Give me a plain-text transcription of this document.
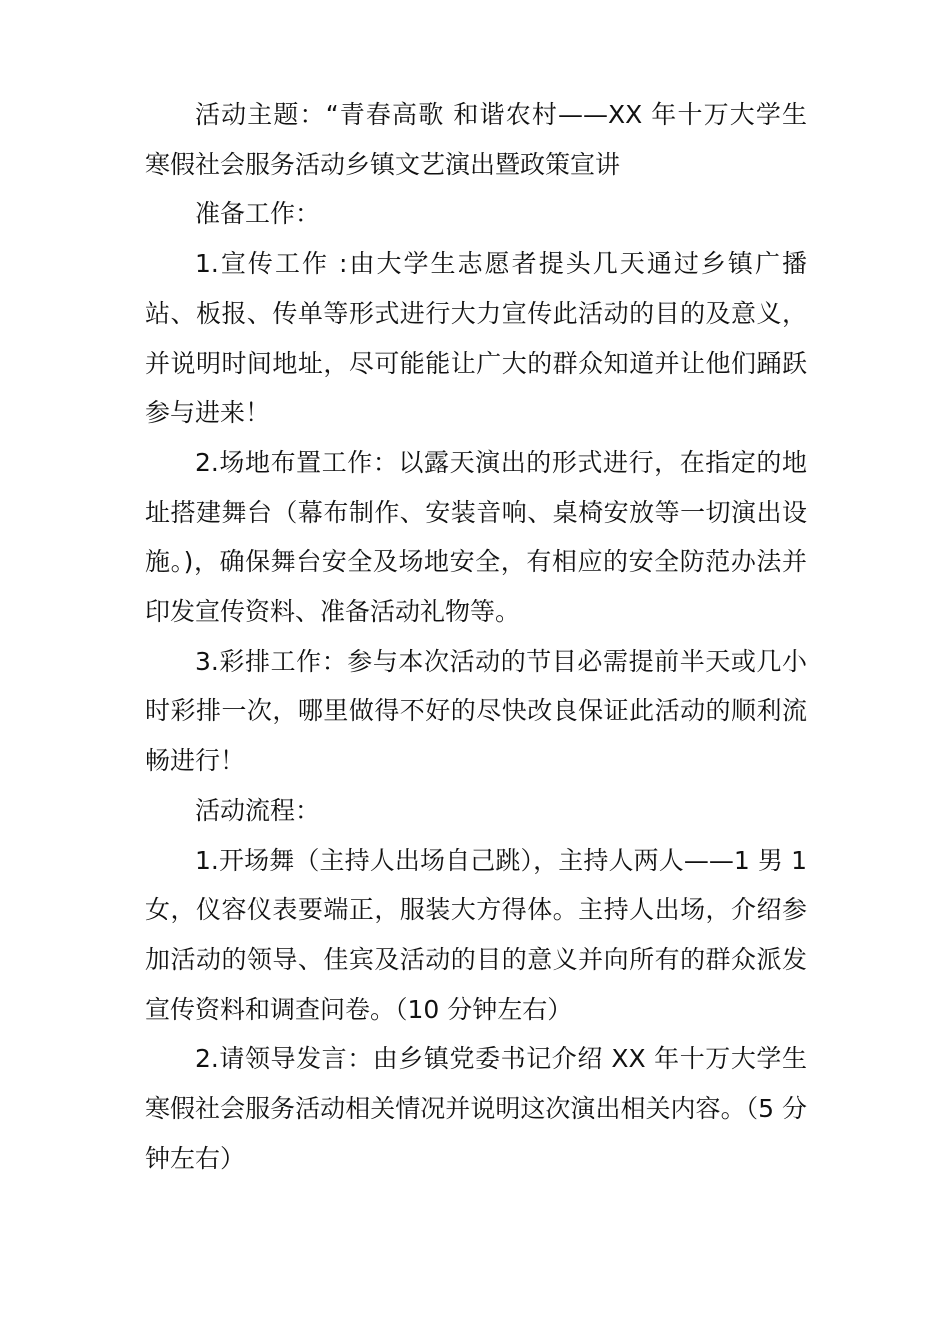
活动主题：“青春高歌 和谐农村——XX 年十万大学生寒假社会服务活动乡镇文艺演出暨政策宣讲

准备工作：

1.宣传工作 :由大学生志愿者提头几天通过乡镇广播站、板报、传单等形式进行大力宣传此活动的目的及意义，并说明时间地址，尽可能能让广大的群众知道并让他们踊跃参与进来！

2.场地布置工作：以露天演出的形式进行，在指定的地址搭建舞台（幕布制作、安装音响、桌椅安放等一切演出设施。)，确保舞台安全及场地安全，有相应的安全防范办法并印发宣传资料、准备活动礼物等。

3.彩排工作：参与本次活动的节目必需提前半天或几小时彩排一次，哪里做得不好的尽快改良保证此活动的顺利流畅进行！

活动流程：

1.开场舞（主持人出场自己跳），主持人两人——1 男 1 女，仪容仪表要端正，服装大方得体。主持人出场，介绍参加活动的领导、佳宾及活动的目的意义并向所有的群众派发宣传资料和调查问卷。（10 分钟左右）

2.请领导发言：由乡镇党委书记介绍 XX 年十万大学生寒假社会服务活动相关情况并说明这次演出相关内容。（5 分钟左右）
